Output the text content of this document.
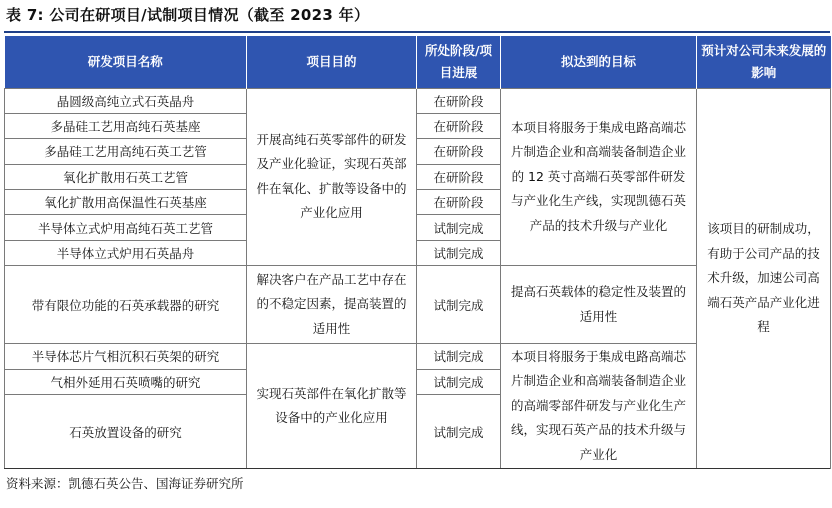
表 7: 公司在研项目/试制项目情况（截至 2023 年）
研发项目名称	项目目的	所处阶段/项目进展	拟达到的目标	预计对公司未来发展的影响
晶圆级高纯立式石英晶舟	开展高纯石英零部件的研发及产业化验证，实现石英部件在氧化、扩散等设备中的产业化应用	在研阶段	本项目将服务于集成电路高端芯片制造企业和高端装备制造企业的 12 英寸高端石英零部件研发与产业化生产线，实现凯德石英产品的技术升级与产业化	该项目的研制成功，有助于公司产品的技术升级，加速公司高端石英产品产业化进程
多晶硅工艺用高纯石英基座		在研阶段		
多晶硅工艺用高纯石英工艺管		在研阶段		
氧化扩散用石英工艺管		在研阶段		
氧化扩散用高保温性石英基座		在研阶段		
半导体立式炉用高纯石英工艺管		试制完成		
半导体立式炉用石英晶舟		试制完成		
带有限位功能的石英承载器的研究	解决客户在产品工艺中存在的不稳定因素，提高装置的适用性	试制完成	提高石英载体的稳定性及装置的适用性	
半导体芯片气相沉积石英架的研究	实现石英部件在氧化扩散等设备中的产业化应用	试制完成	本项目将服务于集成电路高端芯片制造企业和高端装备制造企业的高端零部件研发与产业化生产线，实现石英产品的技术升级与产业化	
气相外延用石英喷嘴的研究		试制完成		
石英放置设备的研究		试制完成		
资料来源：凯德石英公告、国海证券研究所
